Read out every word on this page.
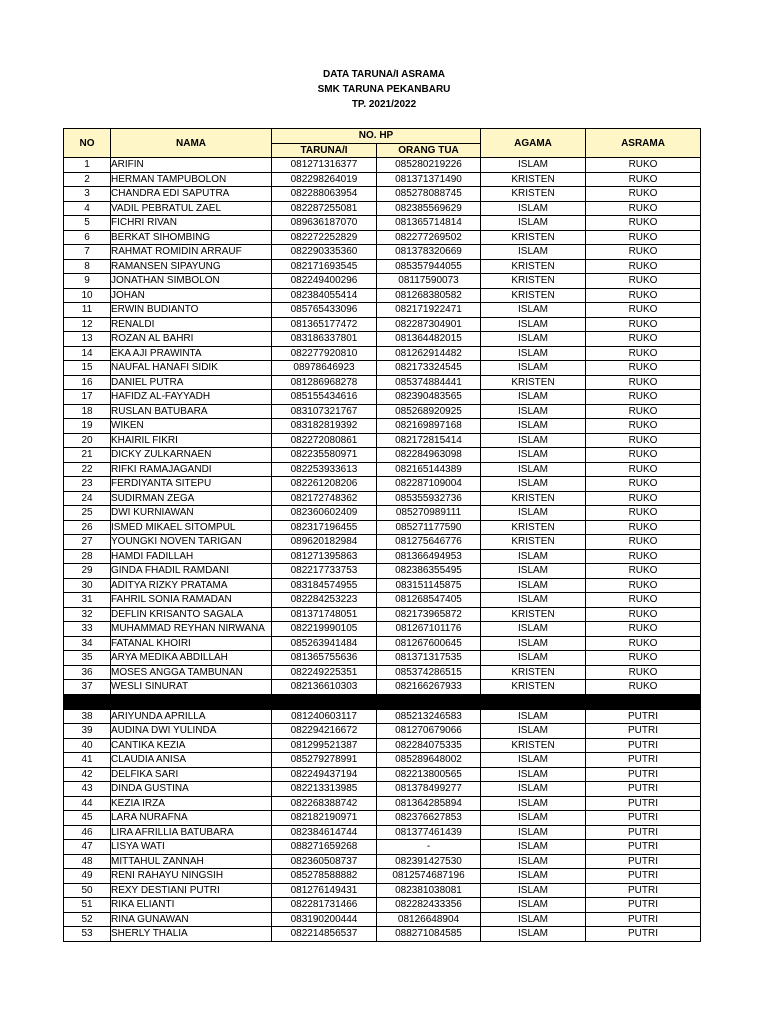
DATA TARUNA/I ASRAMA
SMK TARUNA PEKANBARU
TP. 2021/2022
NO	NAMA	NO. HP		AGAMA	ASRAMA
		TARUNA/I	ORANG TUA		
1	ARIFIN	081271316377	085280219226	ISLAM	RUKO
2	HERMAN TAMPUBOLON	082298264019	081371371490	KRISTEN	RUKO
3	CHANDRA EDI SAPUTRA	082288063954	085278088745	KRISTEN	RUKO
4	VADIL PEBRATUL ZAEL	082287255081	082385569629	ISLAM	RUKO
5	FICHRI RIVAN	089636187070	081365714814	ISLAM	RUKO
6	BERKAT SIHOMBING	082272252829	082277269502	KRISTEN	RUKO
7	RAHMAT ROMIDIN ARRAUF	082290335360	081378320669	ISLAM	RUKO
8	RAMANSEN SIPAYUNG	082171693545	085357944055	KRISTEN	RUKO
9	JONATHAN SIMBOLON	082249400296	08117590073	KRISTEN	RUKO
10	JOHAN	082384055414	081268380582	KRISTEN	RUKO
11	ERWIN BUDIANTO	085765433096	082171922471	ISLAM	RUKO
12	RENALDI	081365177472	082287304901	ISLAM	RUKO
13	ROZAN AL BAHRI	083186337801	081364482015	ISLAM	RUKO
14	EKA AJI PRAWINTA	082277920810	081262914482	ISLAM	RUKO
15	NAUFAL HANAFI SIDIK	08978646923	082173324545	ISLAM	RUKO
16	DANIEL PUTRA	081286968278	085374884441	KRISTEN	RUKO
17	HAFIDZ AL-FAYYADH	085155434616	082390483565	ISLAM	RUKO
18	RUSLAN BATUBARA	083107321767	085268920925	ISLAM	RUKO
19	WIKEN	083182819392	082169897168	ISLAM	RUKO
20	KHAIRIL FIKRI	082272080861	082172815414	ISLAM	RUKO
21	DICKY ZULKARNAEN	082235580971	082284963098	ISLAM	RUKO
22	RIFKI RAMAJAGANDI	082253933613	082165144389	ISLAM	RUKO
23	FERDIYANTA SITEPU	082261208206	082287109004	ISLAM	RUKO
24	SUDIRMAN ZEGA	082172748362	085355932736	KRISTEN	RUKO
25	DWI KURNIAWAN	082360602409	085270989111	ISLAM	RUKO
26	ISMED MIKAEL SITOMPUL	082317196455	085271177590	KRISTEN	RUKO
27	YOUNGKI NOVEN TARIGAN	089620182984	081275646776	KRISTEN	RUKO
28	HAMDI FADILLAH	081271395863	081366494953	ISLAM	RUKO
29	GINDA FHADIL RAMDANI	082217733753	082386355495	ISLAM	RUKO
30	ADITYA RIZKY PRATAMA	083184574955	083151145875	ISLAM	RUKO
31	FAHRIL SONIA RAMADAN	082284253223	081268547405	ISLAM	RUKO
32	DEFLIN KRISANTO SAGALA	081371748051	082173965872	KRISTEN	RUKO
33	MUHAMMAD REYHAN NIRWANA	082219990105	081267101176	ISLAM	RUKO
34	FATANAL KHOIRI	085263941484	081267600645	ISLAM	RUKO
35	ARYA MEDIKA ABDILLAH	081365755636	081371317535	ISLAM	RUKO
36	MOSES ANGGA TAMBUNAN	082249225351	085374286515	KRISTEN	RUKO
37	WESLI SINURAT	082136610303	082166267933	KRISTEN	RUKO

38	ARIYUNDA APRILLA	081240603117	085213246583	ISLAM	PUTRI
39	AUDINA DWI YULINDA	082294216672	081270679066	ISLAM	PUTRI
40	CANTIKA KEZIA	081299521387	082284075335	KRISTEN	PUTRI
41	CLAUDIA ANISA	085279278991	085289648002	ISLAM	PUTRI
42	DELFIKA SARI	082249437194	082213800565	ISLAM	PUTRI
43	DINDA GUSTINA	082213313985	081378499277	ISLAM	PUTRI
44	KEZIA IRZA	082268388742	081364285894	ISLAM	PUTRI
45	LARA NURAFNA	082182190971	082376627853	ISLAM	PUTRI
46	LIRA AFRILLIA BATUBARA	082384614744	081377461439	ISLAM	PUTRI
47	LISYA WATI	088271659268	-	ISLAM	PUTRI
48	MITTAHUL ZANNAH	082360508737	082391427530	ISLAM	PUTRI
49	RENI RAHAYU NINGSIH	085278588882	0812574687196	ISLAM	PUTRI
50	REXY DESTIANI PUTRI	081276149431	082381038081	ISLAM	PUTRI
51	RIKA ELIANTI	082281731466	082282433356	ISLAM	PUTRI
52	RINA GUNAWAN	083190200444	08126648904	ISLAM	PUTRI
53	SHERLY THALIA	082214856537	088271084585	ISLAM	PUTRI
